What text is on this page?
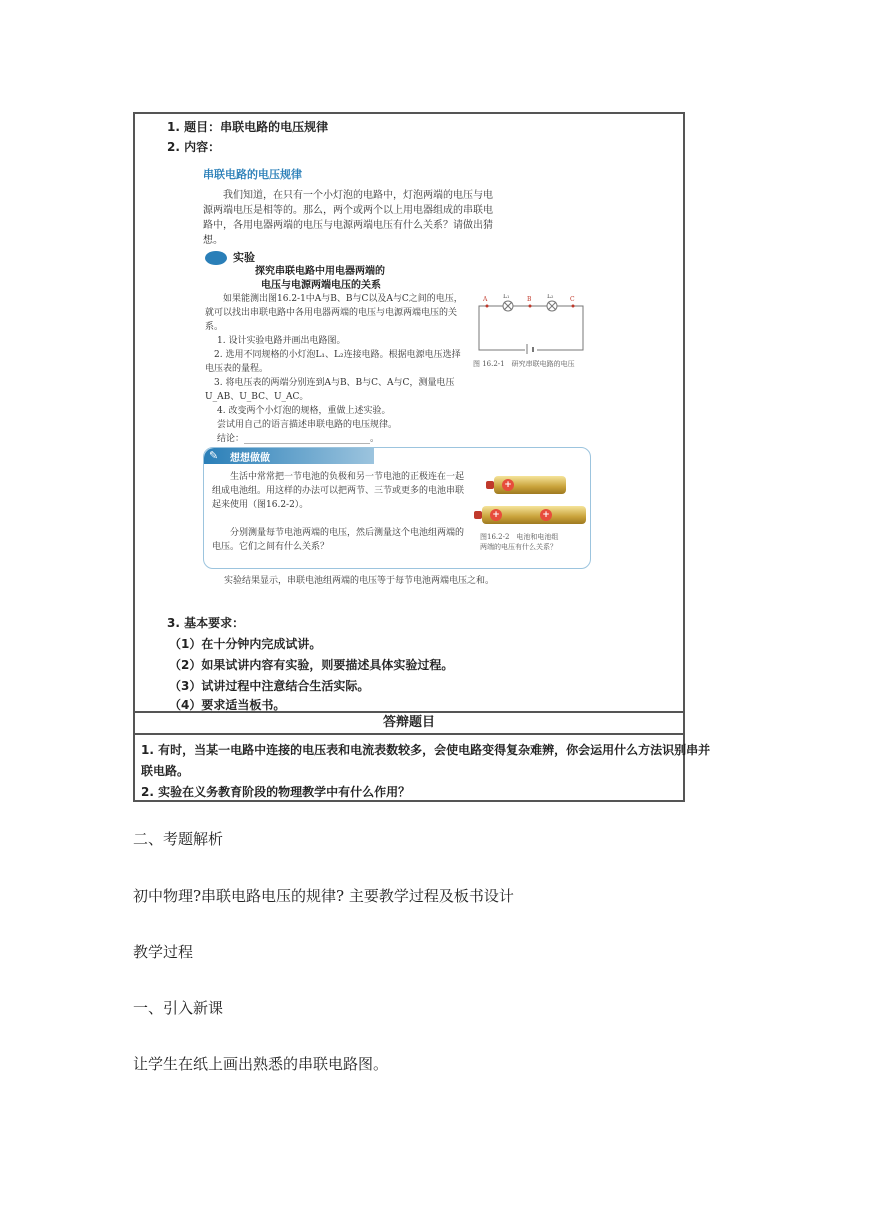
1. 题目：串联电路的电压规律
2. 内容：
串联电路的电压规律
我们知道，在只有一个小灯泡的电路中，灯泡两端的电压与电源两端电压是相等的。那么，两个或两个以上用电器组成的串联电路中，各用电器两端的电压与电源两端电压有什么关系？请做出猜想。
实验
探究串联电路中用电器两端的
电压与电源两端电压的关系
如果能测出图16.2-1中A与B、B与C以及A与C之间的电压，就可以找出串联电路中各用电器两端的电压与电源两端电压的关系。
1. 设计实验电路并画出电路图。
2. 选用不同规格的小灯泡L₁、L₂连接电路。根据电源电压选择电压表的量程。
3. 将电压表的两端分别连到A与B、B与C、A与C，测量电压U_AB、U_BC、U_AC。
4. 改变两个小灯泡的规格，重做上述实验。
尝试用自己的语言描述串联电路的电压规律。
结论：____________________________。
A	L₁	B	L₂	C
图 16.2-1　研究串联电路的电压
✎ 想想做做
生活中常常把一节电池的负极和另一节电池的正极连在一起组成电池组。用这样的办法可以把两节、三节或更多的电池串联起来使用（图16.2-2）。
分别测量每节电池两端的电压，然后测量这个电池组两端的电压。它们之间有什么关系？
+
+	+
图16.2-2　电池和电池组
两端的电压有什么关系？
实验结果显示，串联电池组两端的电压等于每节电池两端电压之和。
3. 基本要求：
（1）在十分钟内完成试讲。
（2）如果试讲内容有实验，则要描述具体实验过程。
（3）试讲过程中注意结合生活实际。
（4）要求适当板书。
答辩题目
1. 有时，当某一电路中连接的电压表和电流表数较多，会使电路变得复杂难辨，你会运用什么方法识别串并
联电路。
2. 实验在义务教育阶段的物理教学中有什么作用？
二、考题解析
初中物理?串联电路电压的规律? 主要教学过程及板书设计
教学过程
一、引入新课
让学生在纸上画出熟悉的串联电路图。
